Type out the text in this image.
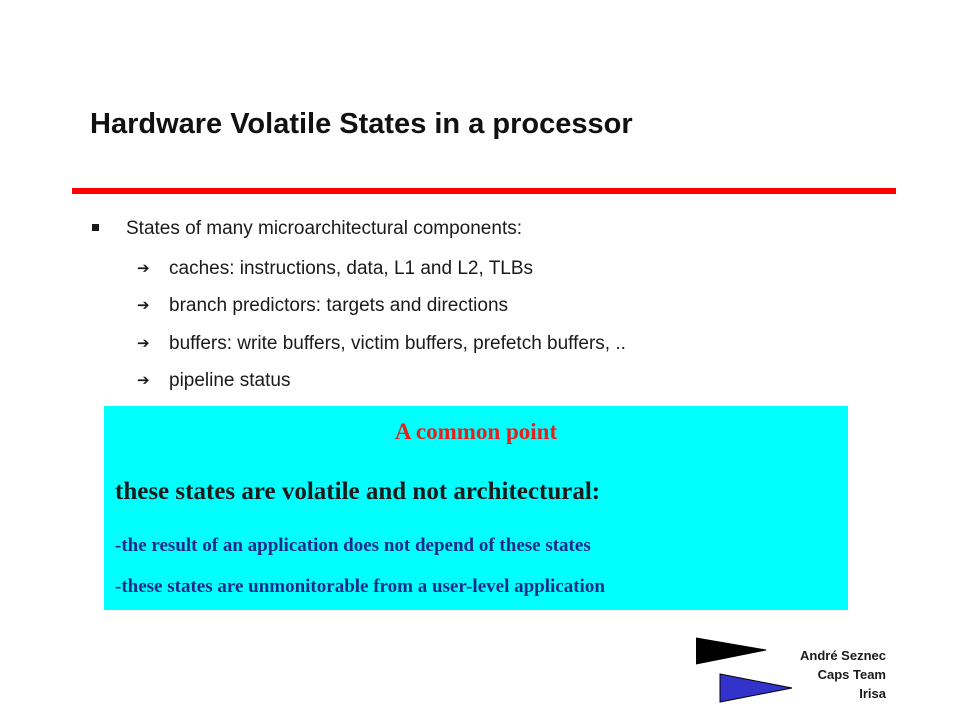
Hardware Volatile States in a processor
States of many microarchitectural components:
➔ caches: instructions, data, L1 and L2, TLBs
➔ branch predictors: targets and directions
➔ buffers: write buffers, victim buffers, prefetch buffers, ..
➔ pipeline status
A common point
these states are volatile and not architectural:
-the result of an application does not depend of these states
-these states are unmonitorable from a user-level application
André Seznec
Caps Team
Irisa
